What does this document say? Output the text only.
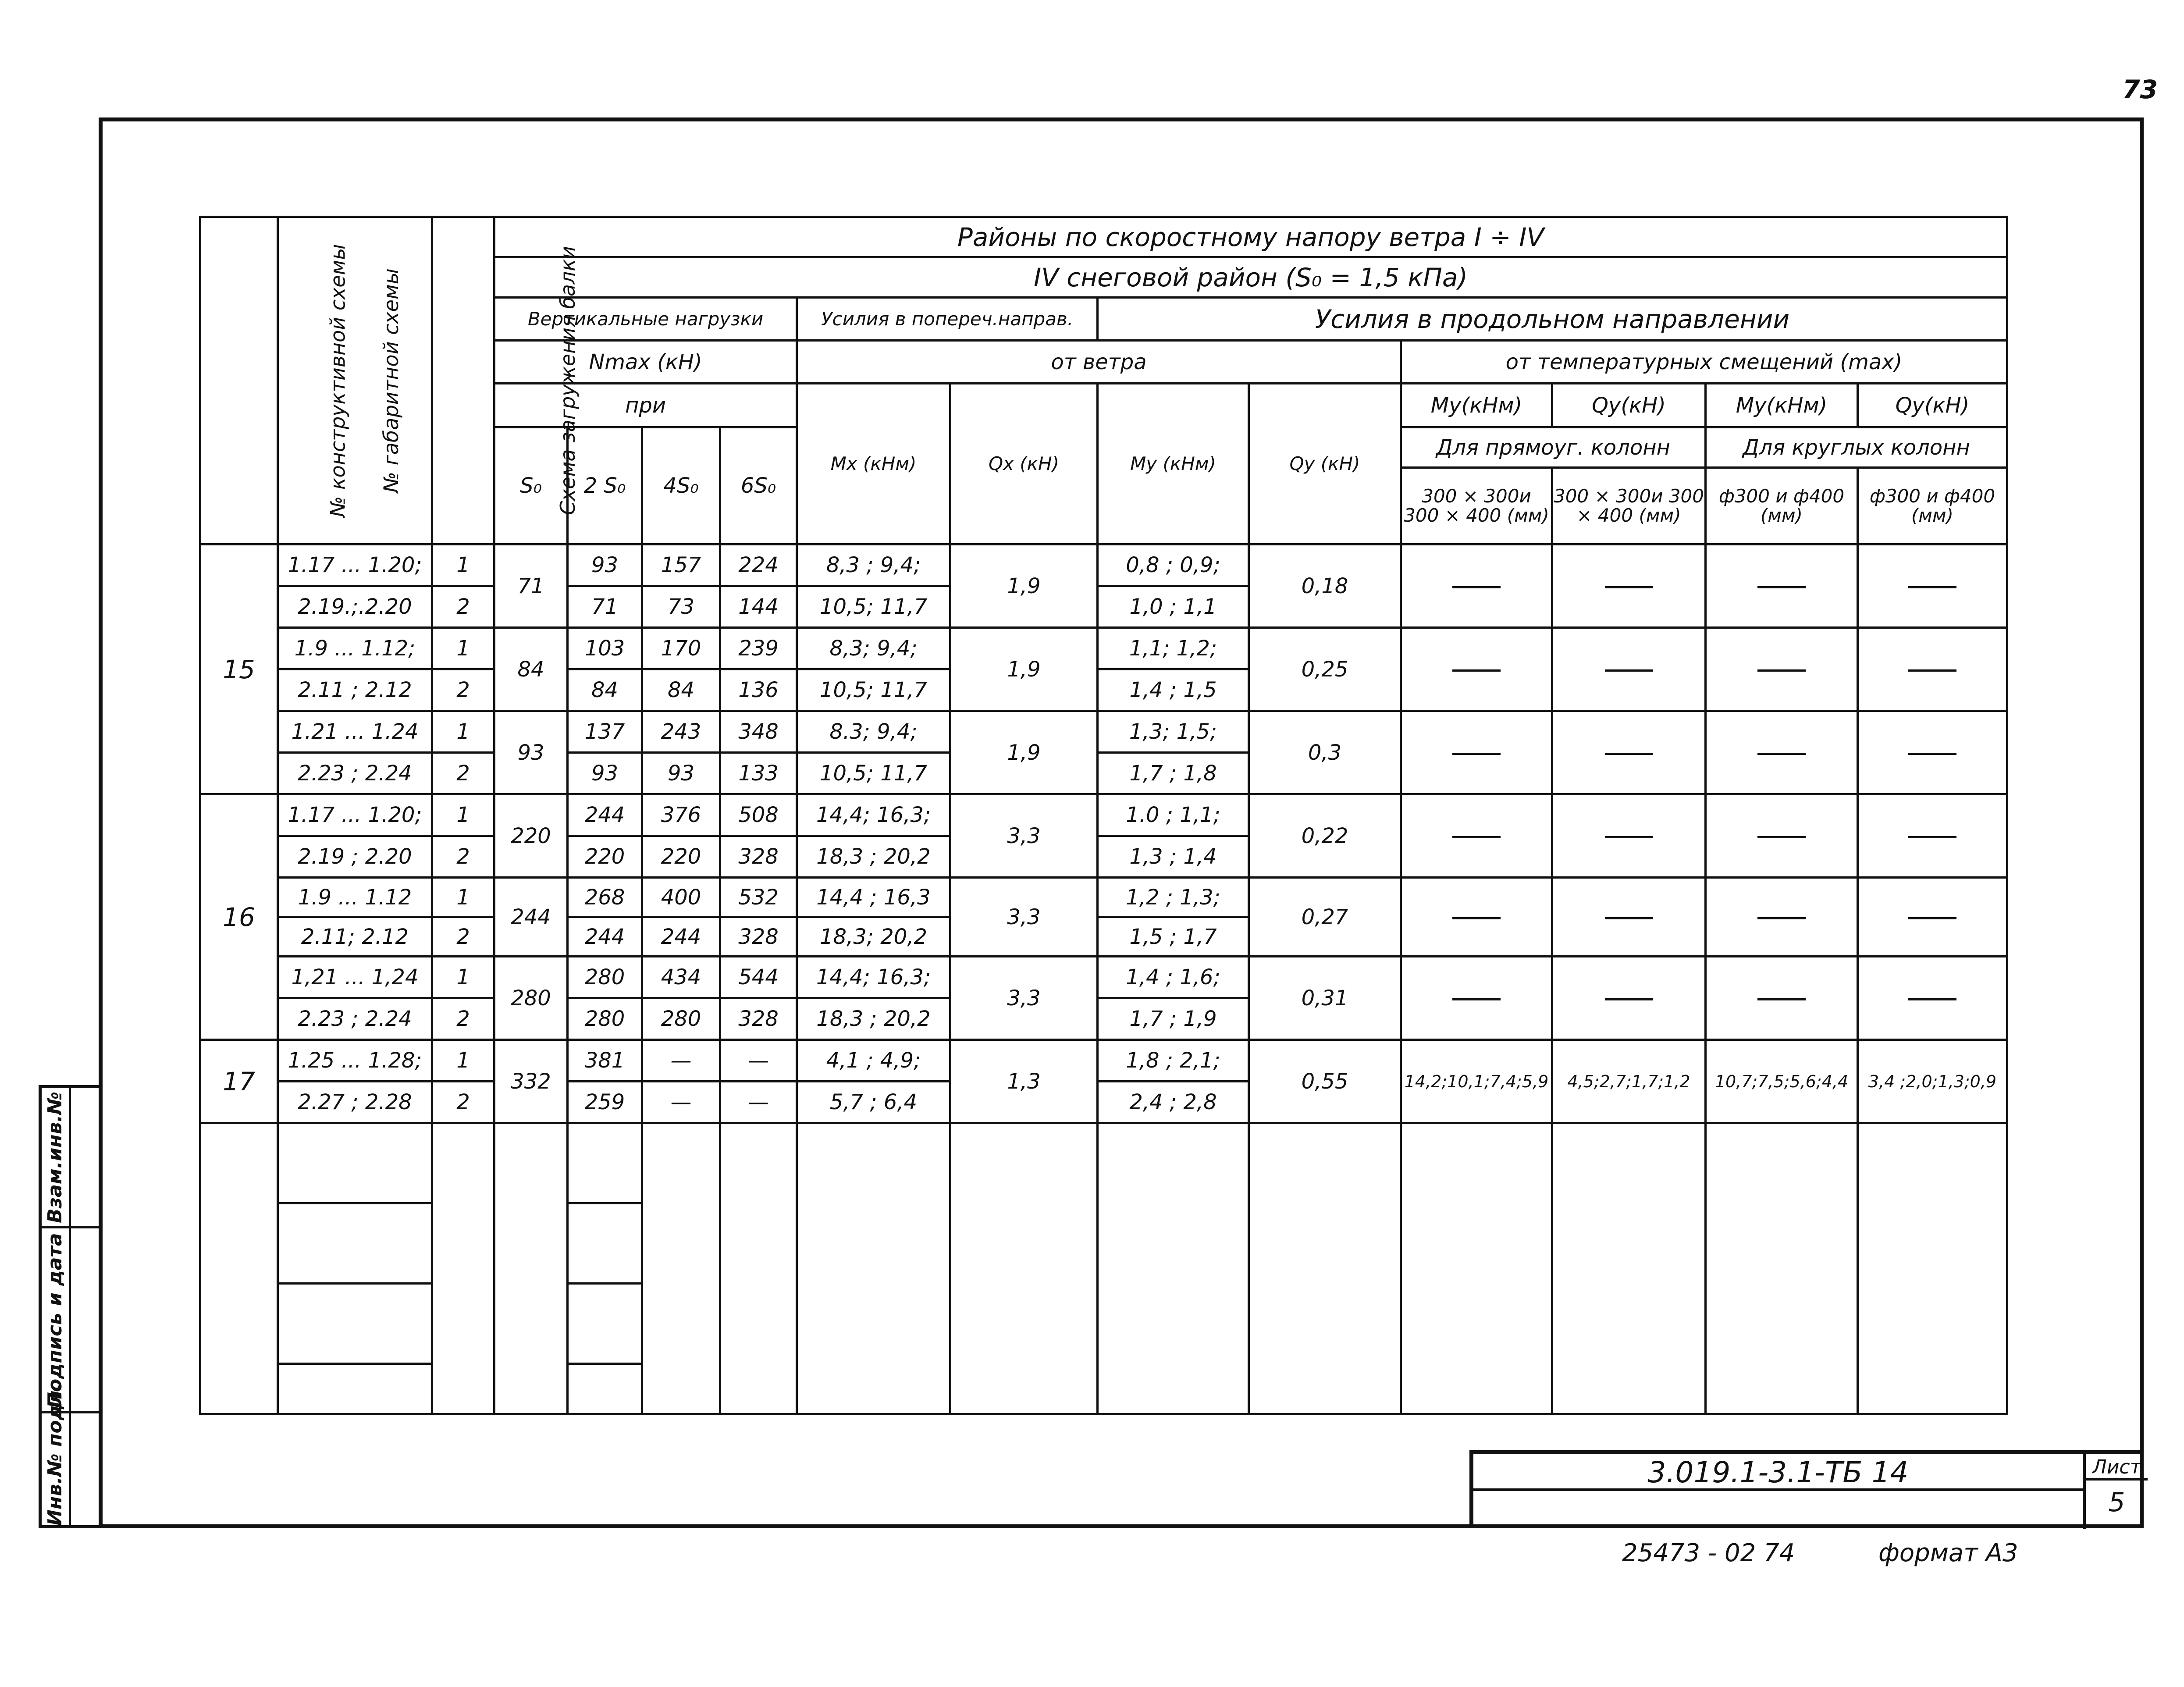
73
Взам.инв.№
Подпись и дата
Инв.№ подл.
№ конструктивной схемы	№ габаритной схемы	Схема загружения балки	Районы по скоростному напору ветра I ÷ IV											
			IV снеговой район (S₀ = 1,5 кПа)											
			Вертикальные нагрузки				Усилия в попереч.направ.		Усилия в продольном направлении					
			Nmax (кН)				от ветра				от температурных смещений (max)			
			при				Mx (кНм)	Qx (кН)	My (кНм)	Qy (кН)	My(кНм)	Qy(кН)	My(кНм)	Qy(кН)
			S₀	2 S₀	4S₀	6S₀					Для прямоуг. колонн		Для круглых колонн	
											300 × 300и 300 × 400 (мм)	300 × 300и 300 × 400 (мм)	ф300 и ф400 (мм)	ф300 и ф400 (мм)
15	1.17 ... 1.20;	1	71	93	157	224	8,3 ; 9,4;	1,9	0,8 ; 0,9;	0,18				
	2.19.;.2.20	2		71	73	144	10,5; 11,7		1,0 ; 1,1					
	1.9 ... 1.12;	1	84	103	170	239	8,3; 9,4;	1,9	1,1; 1,2;	0,25				
	2.11 ; 2.12	2		84	84	136	10,5; 11,7		1,4 ; 1,5					
	1.21 ... 1.24	1	93	137	243	348	8.3; 9,4;	1,9	1,3; 1,5;	0,3				
	2.23 ; 2.24	2		93	93	133	10,5; 11,7		1,7 ; 1,8					
16	1.17 ... 1.20;	1	220	244	376	508	14,4; 16,3;	3,3	1.0 ; 1,1;	0,22				
	2.19 ; 2.20	2		220	220	328	18,3 ; 20,2		1,3 ; 1,4					
	1.9 ... 1.12	1	244	268	400	532	14,4 ; 16,3	3,3	1,2 ; 1,3;	0,27				
	2.11; 2.12	2		244	244	328	18,3; 20,2		1,5 ; 1,7					
	1,21 ... 1,24	1	280	280	434	544	14,4; 16,3;	3,3	1,4 ; 1,6;	0,31				
	2.23 ; 2.24	2		280	280	328	18,3 ; 20,2		1,7 ; 1,9					
17	1.25 ... 1.28;	1	332	381	—	—	4,1 ; 4,9;	1,3	1,8 ; 2,1;	0,55	14,2;10,1;7,4;5,9	4,5;2,7;1,7;1,2	10,7;7,5;5,6;4,4	3,4 ;2,0;1,3;0,9
	2.27 ; 2.28	2		259	—	—	5,7 ; 6,4		2,4 ; 2,8					

3.019.1-3.1-ТБ 14	Лист
5
25473 - 02 74	формат А3
